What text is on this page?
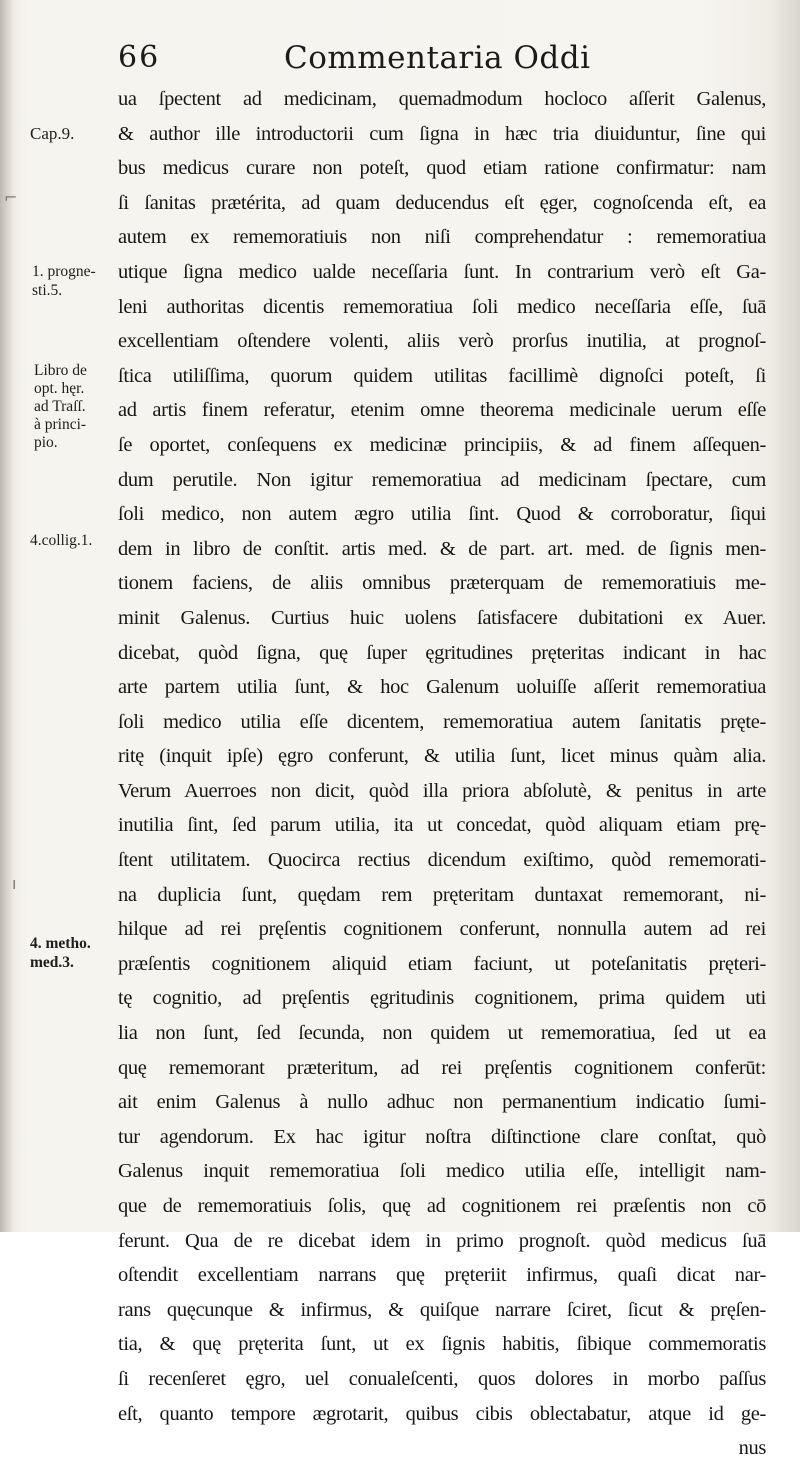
66	Commentaria Oddi
Cap.9.
1. progne-
sti.5.
Libro de
opt. hęr.
ad Traſſ.
à princi-
pio.
4.collig.1.
4. metho.
med.3.
⌐
ı
ua ſpectent ad medicinam, quemadmodum hocloco aſſerit Galenus,
& author ille introductorii cum ſigna in hæc tria diuiduntur, ſine qui
bus medicus curare non poteſt, quod etiam ratione confirmatur: nam
ſi ſanitas prætérita, ad quam deducendus eſt ęger, cognoſcenda eſt, ea
autem ex rememoratiuis non niſi comprehendatur : rememoratiua
utique ſigna medico ualde neceſſaria ſunt. In contrarium verò eſt Ga-
leni authoritas dicentis rememoratiua ſoli medico neceſſaria eſſe, ſuā
excellentiam oſtendere volenti, aliis verò prorſus inutilia, at prognoſ-
ſtica utiliſſima, quorum quidem utilitas facillimè dignoſci poteſt, ſi
ad artis finem referatur, etenim omne theorema medicinale uerum eſſe
ſe oportet, conſequens ex medicinæ principiis, & ad finem aſſequen-
dum perutile. Non igitur rememoratiua ad medicinam ſpectare, cum
ſoli medico, non autem ægro utilia ſint. Quod & corroboratur, ſiqui
dem in libro de conſtit. artis med. & de part. art. med. de ſignis men-
tionem faciens, de aliis omnibus præterquam de rememoratiuis me-
minit Galenus. Curtius huic uolens ſatisfacere dubitationi ex Auer.
dicebat, quòd ſigna, quę ſuper ęgritudines pręteritas indicant in hac
arte partem utilia ſunt, & hoc Galenum uoluiſſe aſſerit rememoratiua
ſoli medico utilia eſſe dicentem, rememoratiua autem ſanitatis pręte-
ritę (inquit ipſe) ęgro conferunt, & utilia ſunt, licet minus quàm alia.
Verum Auerroes non dicit, quòd illa priora abſolutè, & penitus in arte
inutilia ſint, ſed parum utilia, ita ut concedat, quòd aliquam etiam prę-
ſtent utilitatem. Quocirca rectius dicendum exiſtimo, quòd rememorati-
na duplicia ſunt, quędam rem pręteritam duntaxat rememorant, ni-
hilque ad rei pręſentis cognitionem conferunt, nonnulla autem ad rei
præſentis cognitionem aliquid etiam faciunt, ut poteſanitatis pręteri-
tę cognitio, ad pręſentis ęgritudinis cognitionem, prima quidem uti
lia non ſunt, ſed ſecunda, non quidem ut rememoratiua, ſed ut ea
quę rememorant præteritum, ad rei pręſentis cognitionem conferūt:
ait enim Galenus à nullo adhuc non permanentium indicatio ſumi-
tur agendorum. Ex hac igitur noſtra diſtinctione clare conſtat, quò
Galenus inquit rememoratiua ſoli medico utilia eſſe, intelligit nam-
que de rememoratiuis ſolis, quę ad cognitionem rei præſentis non cō
ferunt. Qua de re dicebat idem in primo prognoſt. quòd medicus ſuā
oſtendit excellentiam narrans quę pręteriit infirmus, quaſi dicat nar-
rans quęcunque & infirmus, & quiſque narrare ſciret, ſicut & pręſen-
tia, & quę pręterita ſunt, ut ex ſignis habitis, ſibique commemoratis
ſi recenſeret ęgro, uel conualeſcenti, quos dolores in morbo paſſus
eſt, quanto tempore ægrotarit, quibus cibis oblectabatur, atque id ge-
nus
